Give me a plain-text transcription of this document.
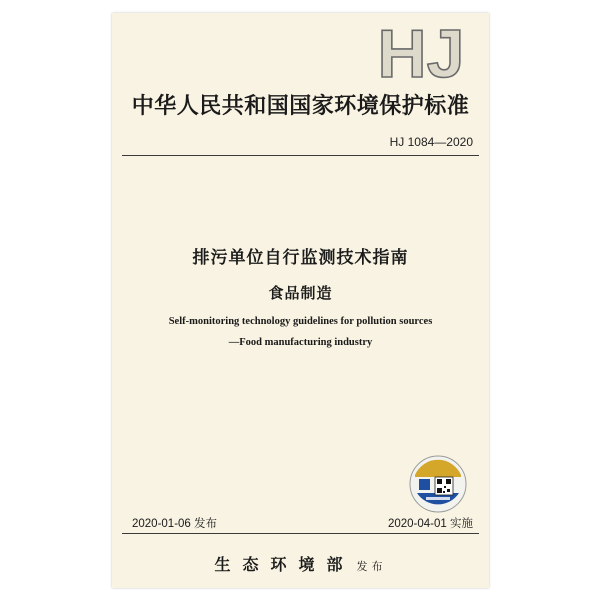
HJ
中华人民共和国国家环境保护标准
HJ 1084—2020
排污单位自行监测技术指南
食品制造
Self-monitoring technology guidelines for pollution sources
—Food manufacturing industry
2020-01-06 发布	2020-04-01 实施
生态环境部 发布
